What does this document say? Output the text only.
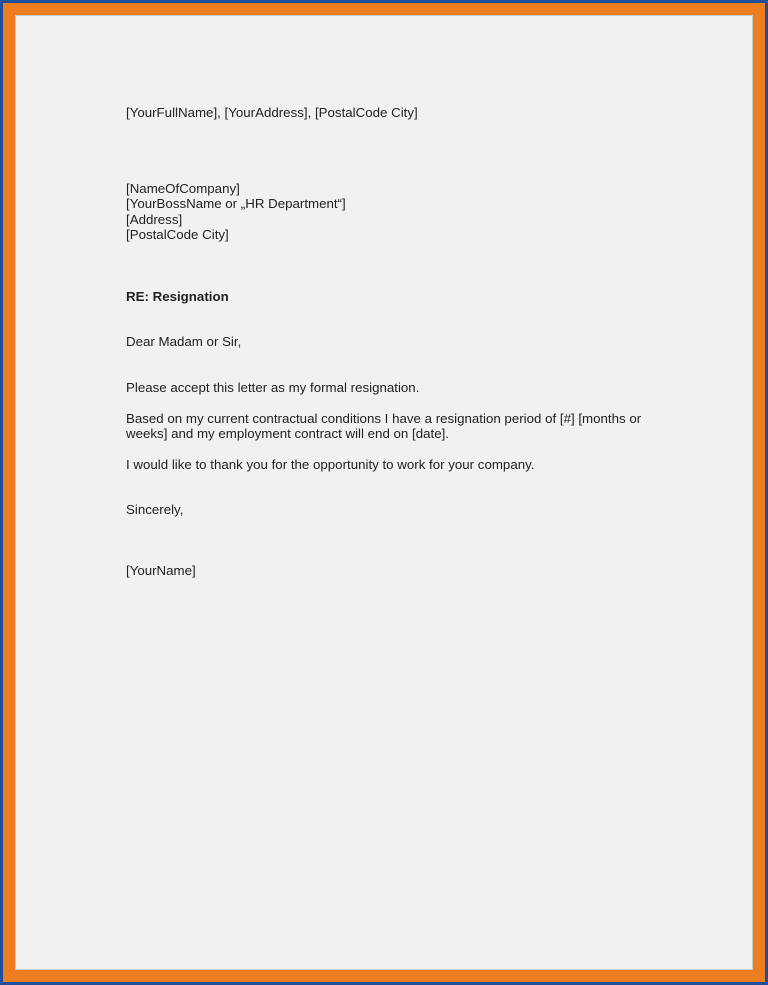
[YourFullName], [YourAddress], [PostalCode City]
[NameOfCompany]
[YourBossName or „HR Department“]
[Address]
[PostalCode City]
RE: Resignation
Dear Madam or Sir,
Please accept this letter as my formal resignation.
Based on my current contractual conditions I have a resignation period of [#] [months or
weeks] and my employment contract will end on [date].
I would like to thank you for the opportunity to work for your company.
Sincerely,
[YourName]
